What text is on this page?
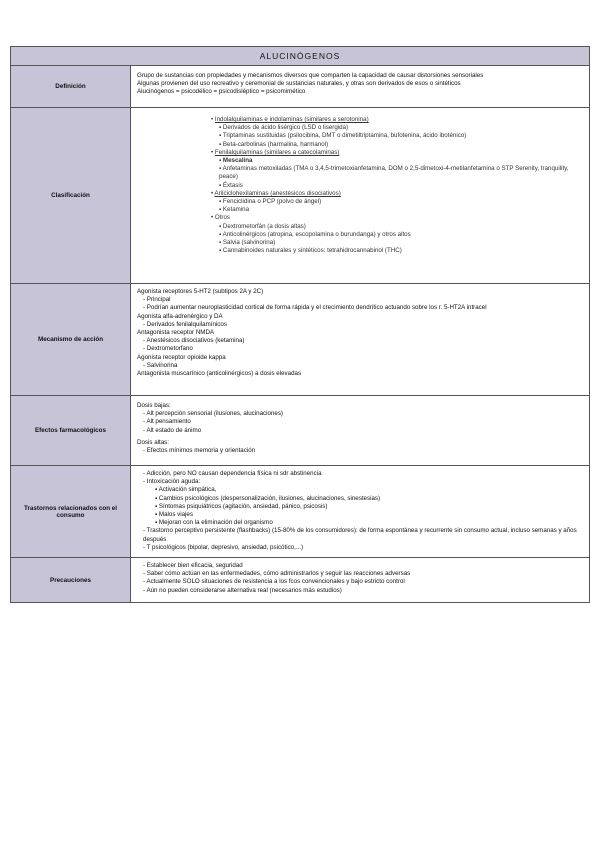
ALUCINÓGENOS
Definición

Grupo de sustancias con propiedades y mecanismos diversos que comparten la capacidad de causar distorsiones sensoriales

Algunas provienen del uso recreativo y ceremonial de sustancias naturales, y otras son derivados de esos o sintéticos

Alucinógenos = psicodélico = psicodisléptico = psicomimético

Clasificación

• Indolalquilaminas e indolaminas (similares a serotonina)

▪ Derivados de ácido lisérgico (LSD o lisergida)

▪ Triptaminas sustituidas (psilocibina, DMT o dimetiltriptamina, bufotenina, ácido iboténico)

▪ Beta-carbolinas (harmalina, harmanol)

• Fenilalquilaminas (similares a catecolaminas)

▪ Mescalina

▪ Anfetaminas metoxiladas (TMA o 3,4,5-trimetoxianfetamina, DOM o 2,5-dimetoxi-4-metilanfetamina o STP Serenity, tranquility, peace)

▪ Éxtasis

• Arilciclohexilaminas (anestésicos disociativos)

▪ Fenciclidina o PCP (polvo de ángel)

▪ Ketamina

• Otros

▪ Dextrometorfán (a dosis altas)

▪ Anticolinérgicos (atropina, escopolamina o burundanga) y otros altos

▪ Salvia (salvinorina)

▪ Cannabinoides naturales y sintéticos: tetrahidrocannabinol (THC)

Mecanismo de acción

Agonista receptores 5-HT2 (subtipos 2A y 2C)

- Principal

- Podrían aumentar neuroplasticidad cortical de forma rápida y el crecimiento dendrítico actuando sobre los r. 5-HT2A intracel

Agonista alfa-adrenérgico y DA

- Derivados fenilalquilamínicos

Antagonista receptor NMDA

- Anestésicos disociativos (ketamina)

- Dextrometorfano

Agonista receptor opioide kappa

- Salvinorina

Antagonista muscarínico (anticolinérgicos) a dosis elevadas

Efectos farmacológicos

Dosis bajas:

- Alt percepción sensorial (ilusiones, alucinaciones)

- Alt pensamiento

- Alt estado de ánimo

Dosis altas:

- Efectos mínimos memoria y orientación

Trastornos relacionados con el consumo

- Adicción, pero NO causan dependencia física ni sdr abstinencia

- Intoxicación aguda:

▪ Activación simpática,

▪ Cambios psicológicos (despersonalización, ilusiones, alucinaciones, sinestesias)

▪ Síntomas psiquiátricos (agitación, ansiedad, pánico, psicosis)

▪ Malos viajes

▪ Mejoran con la eliminación del organismo

- Trastorno perceptivo persistente (flashbacks) (15-80% de los consumidores): de forma espontánea y recurrente sin consumo actual, incluso semanas y años después

- T psicológicos (bipolar, depresivo, ansiedad, psicótico,...)

Precauciones

- Establecer bien eficacia, seguridad

- Saber cómo actúan en las enfermedades, cómo administrarlos y seguir las reacciones adversas

- Actualmente SOLO situaciones de resistencia a los fcos convencionales y bajo estricto control

- Aún no pueden considerarse alternativa real (necesarios más estudios)
